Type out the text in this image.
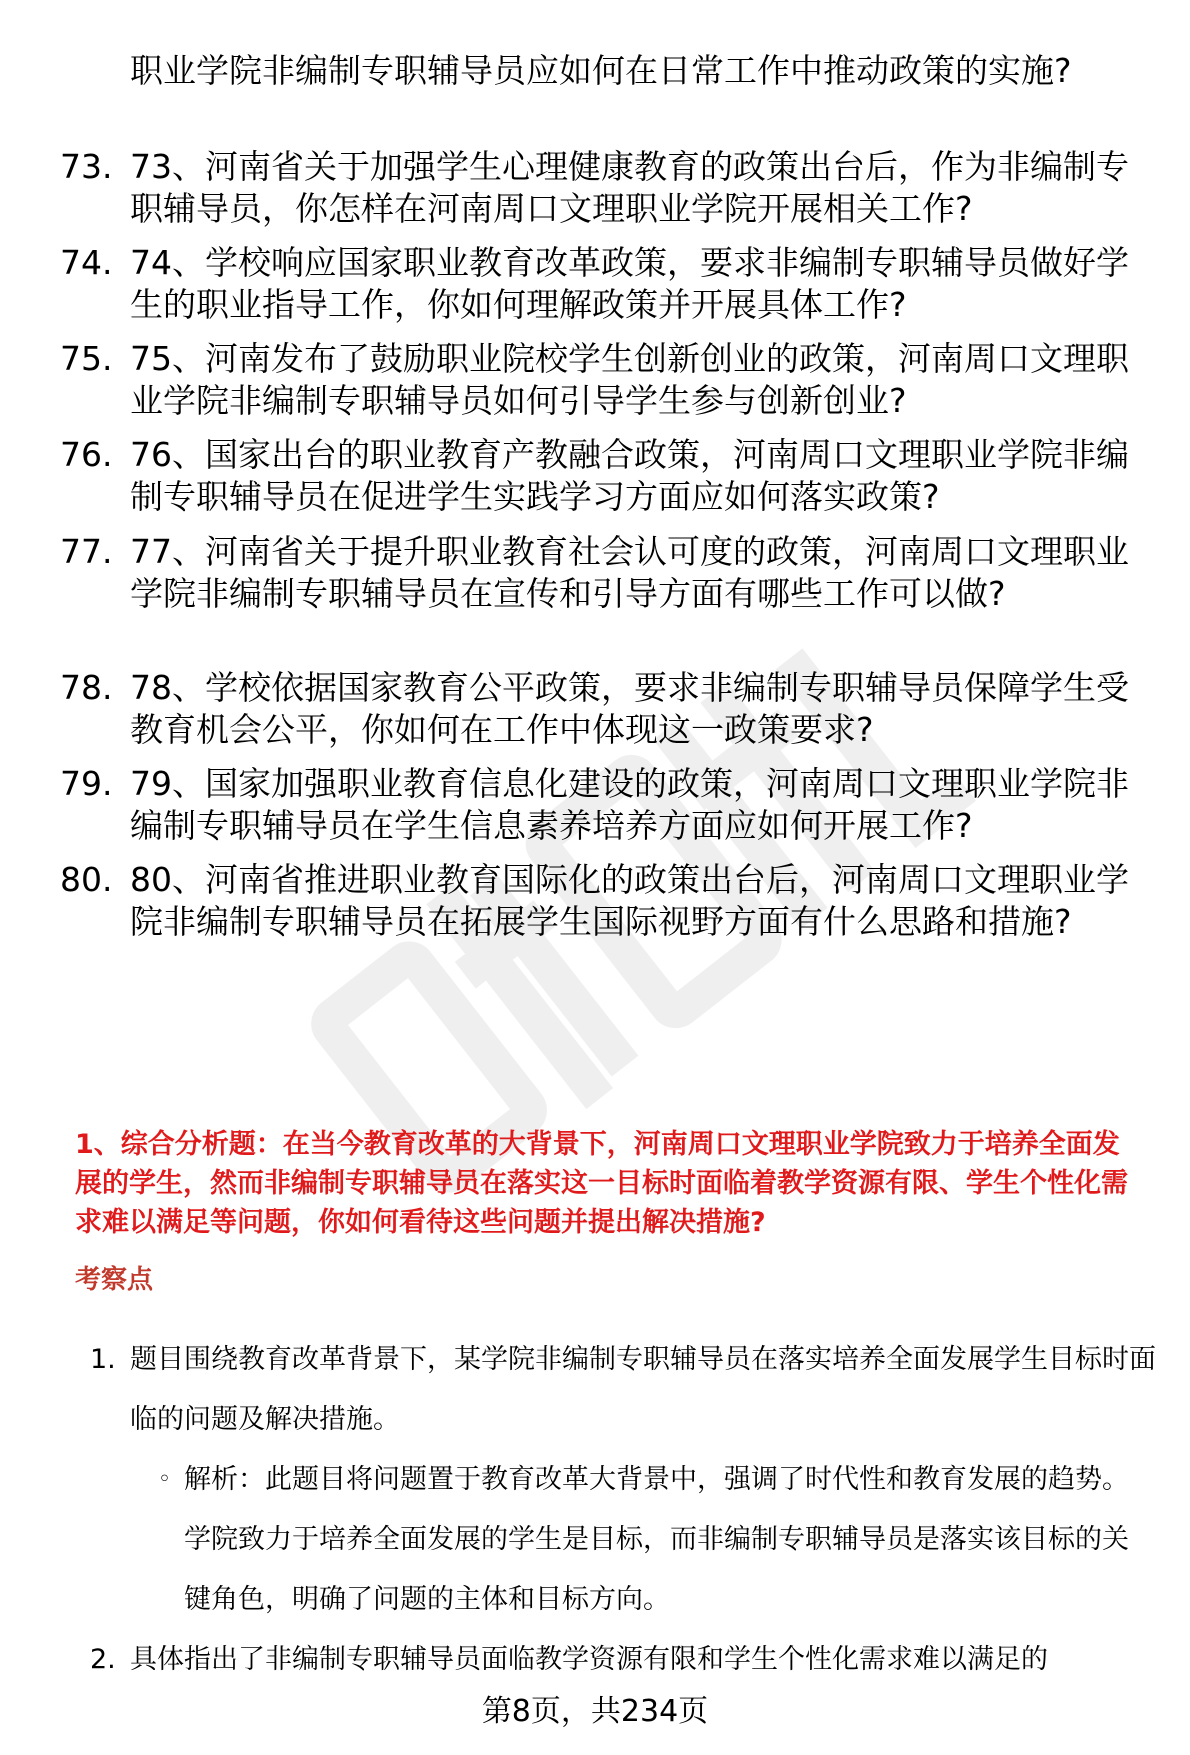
职业学院非编制专职辅导员应如何在日常工作中推动政策的实施?
73. 73、河南省关于加强学生心理健康教育的政策出台后，作为非编制专职辅导员，你怎样在河南周口文理职业学院开展相关工作?
74. 74、学校响应国家职业教育改革政策，要求非编制专职辅导员做好学生的职业指导工作，你如何理解政策并开展具体工作?
75. 75、河南发布了鼓励职业院校学生创新创业的政策，河南周口文理职业学院非编制专职辅导员如何引导学生参与创新创业?
76. 76、国家出台的职业教育产教融合政策，河南周口文理职业学院非编制专职辅导员在促进学生实践学习方面应如何落实政策?
77. 77、河南省关于提升职业教育社会认可度的政策，河南周口文理职业学院非编制专职辅导员在宣传和引导方面有哪些工作可以做?
78. 78、学校依据国家教育公平政策，要求非编制专职辅导员保障学生受教育机会公平，你如何在工作中体现这一政策要求?
79. 79、国家加强职业教育信息化建设的政策，河南周口文理职业学院非编制专职辅导员在学生信息素养培养方面应如何开展工作?
80. 80、河南省推进职业教育国际化的政策出台后，河南周口文理职业学院非编制专职辅导员在拓展学生国际视野方面有什么思路和措施?
1、综合分析题：在当今教育改革的大背景下，河南周口文理职业学院致力于培养全面发展的学生，然而非编制专职辅导员在落实这一目标时面临着教学资源有限、学生个性化需求难以满足等问题，你如何看待这些问题并提出解决措施?
考察点
1. 题目围绕教育改革背景下，某学院非编制专职辅导员在落实培养全面发展学生目标时面临的问题及解决措施。
◦ 解析：此题目将问题置于教育改革大背景中，强调了时代性和教育发展的趋势。学院致力于培养全面发展的学生是目标，而非编制专职辅导员是落实该目标的关键角色，明确了问题的主体和目标方向。
2. 具体指出了非编制专职辅导员面临教学资源有限和学生个性化需求难以满足的
第8页，共234页
